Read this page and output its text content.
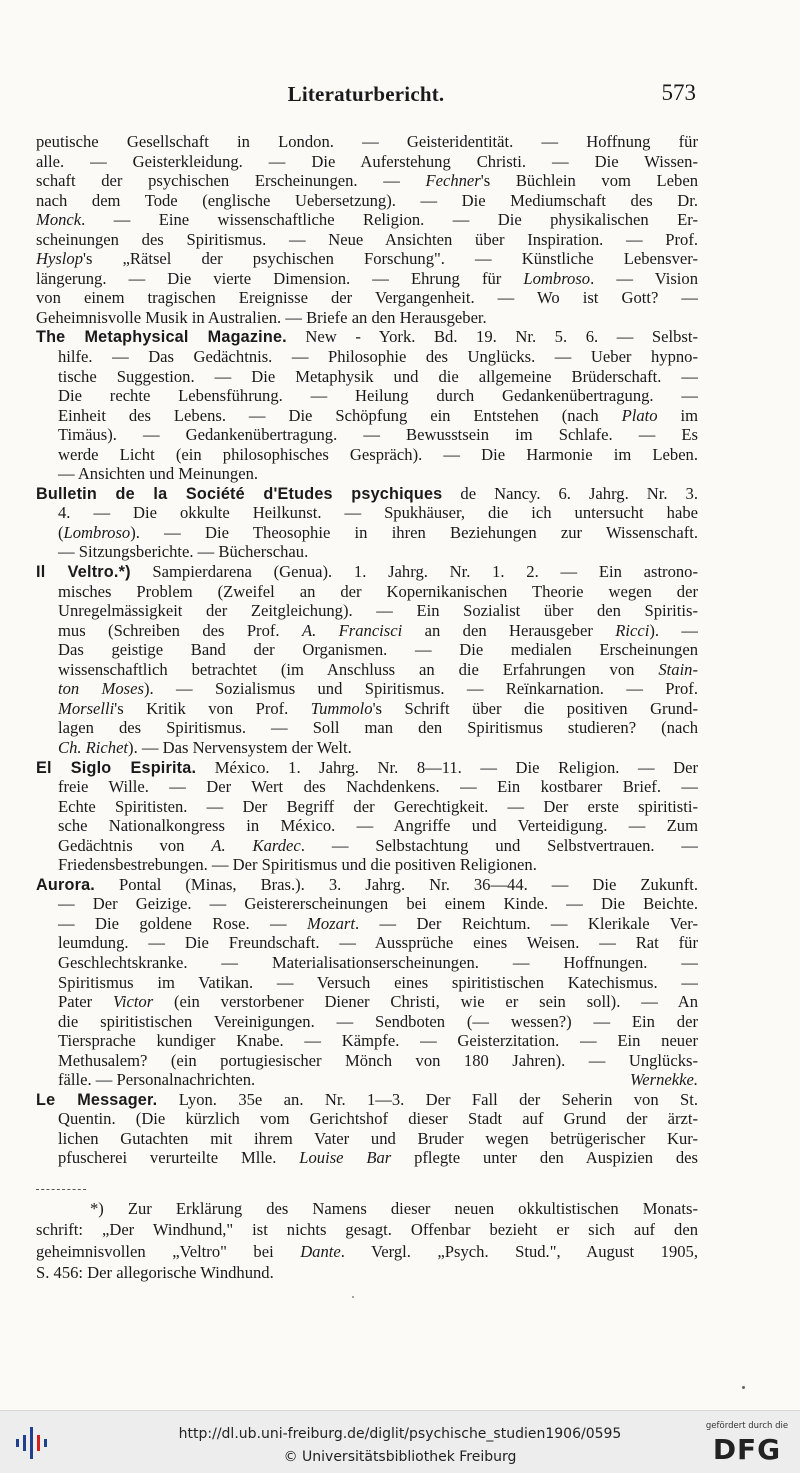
Literaturbericht.	573
peutische Gesellschaft in London. — Geisteridentität. — Hoffnung für
alle. — Geisterkleidung. — Die Auferstehung Christi. — Die Wissen-
schaft der psychischen Erscheinungen. — Fechner's Büchlein vom Leben
nach dem Tode (englische Uebersetzung). — Die Mediumschaft des Dr.
Monck. — Eine wissenschaftliche Religion. — Die physikalischen Er-
scheinungen des Spiritismus. — Neue Ansichten über Inspiration. — Prof.
Hyslop's „Rätsel der psychischen Forschung". — Künstliche Lebensver-
längerung. — Die vierte Dimension. — Ehrung für Lombroso. — Vision
von einem tragischen Ereignisse der Vergangenheit. — Wo ist Gott? —
Geheimnisvolle Musik in Australien. — Briefe an den Herausgeber.
The Metaphysical Magazine. New - York. Bd. 19. Nr. 5. 6. — Selbst-
hilfe. — Das Gedächtnis. — Philosophie des Unglücks. — Ueber hypno-
tische Suggestion. — Die Metaphysik und die allgemeine Brüderschaft. —
Die rechte Lebensführung. — Heilung durch Gedankenübertragung. —
Einheit des Lebens. — Die Schöpfung ein Entstehen (nach Plato im
Timäus). — Gedankenübertragung. — Bewusstsein im Schlafe. — Es
werde Licht (ein philosophisches Gespräch). — Die Harmonie im Leben.
— Ansichten und Meinungen.
Bulletin de la Société d'Etudes psychiques de Nancy. 6. Jahrg. Nr. 3.
4. — Die okkulte Heilkunst. — Spukhäuser, die ich untersucht habe
(Lombroso). — Die Theosophie in ihren Beziehungen zur Wissenschaft.
— Sitzungsberichte. — Bücherschau.
Il Veltro.*) Sampierdarena (Genua). 1. Jahrg. Nr. 1. 2. — Ein astrono-
misches Problem (Zweifel an der Kopernikanischen Theorie wegen der
Unregelmässigkeit der Zeitgleichung). — Ein Sozialist über den Spiritis-
mus (Schreiben des Prof. A. Francisci an den Herausgeber Ricci). —
Das geistige Band der Organismen. — Die medialen Erscheinungen
wissenschaftlich betrachtet (im Anschluss an die Erfahrungen von Stain-
ton Moses). — Sozialismus und Spiritismus. — Reïnkarnation. — Prof.
Morselli's Kritik von Prof. Tummolo's Schrift über die positiven Grund-
lagen des Spiritismus. — Soll man den Spiritismus studieren? (nach
Ch. Richet). — Das Nervensystem der Welt.
El Siglo Espirita. México. 1. Jahrg. Nr. 8—11. — Die Religion. — Der
freie Wille. — Der Wert des Nachdenkens. — Ein kostbarer Brief. —
Echte Spiritisten. — Der Begriff der Gerechtigkeit. — Der erste spiritisti-
sche Nationalkongress in México. — Angriffe und Verteidigung. — Zum
Gedächtnis von A. Kardec. — Selbstachtung und Selbstvertrauen. —
Friedensbestrebungen. — Der Spiritismus und die positiven Religionen.
Aurora. Pontal (Minas, Bras.). 3. Jahrg. Nr. 36—44. — Die Zukunft.
— Der Geizige. — Geistererscheinungen bei einem Kinde. — Die Beichte.
— Die goldene Rose. — Mozart. — Der Reichtum. — Klerikale Ver-
leumdung. — Die Freundschaft. — Aussprüche eines Weisen. — Rat für
Geschlechtskranke. — Materialisationserscheinungen. — Hoffnungen. —
Spiritismus im Vatikan. — Versuch eines spiritistischen Katechismus. —
Pater Victor (ein verstorbener Diener Christi, wie er sein soll). — An
die spiritistischen Vereinigungen. — Sendboten (— wessen?) — Ein der
Tiersprache kundiger Knabe. — Kämpfe. — Geisterzitation. — Ein neuer
Methusalem? (ein portugiesischer Mönch von 180 Jahren). — Unglücks-
fälle. — Personalnachrichten.	Wernekke.
Le Messager. Lyon. 35e an. Nr. 1—3. Der Fall der Seherin von St.
Quentin. (Die kürzlich vom Gerichtshof dieser Stadt auf Grund der ärzt-
lichen Gutachten mit ihrem Vater und Bruder wegen betrügerischer Kur-
pfuscherei verurteilte Mlle. Louise Bar pflegte unter den Auspizien des
*) Zur Erklärung des Namens dieser neuen okkultistischen Monats-
schrift: „Der Windhund," ist nichts gesagt. Offenbar bezieht er sich auf den
geheimnisvollen „Veltro" bei Dante. Vergl. „Psych. Stud.", August 1905,
S. 456: Der allegorische Windhund.
http://dl.ub.uni-freiburg.de/diglit/psychische_studien1906/0595
© Universitätsbibliothek Freiburg
gefördert durch die
DFG
